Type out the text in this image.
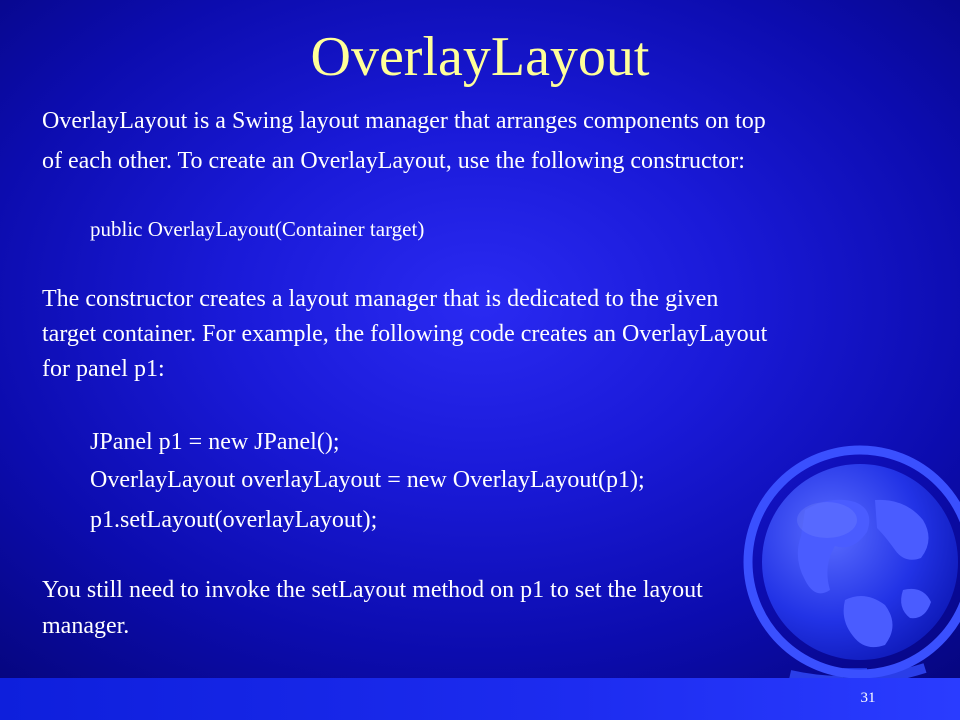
OverlayLayout
OverlayLayout is a Swing layout manager that arranges components on top
of each other. To create an OverlayLayout, use the following constructor:
public OverlayLayout(Container target)
The constructor creates a layout manager that is dedicated to the given
target container. For example, the following code creates an OverlayLayout
for panel p1:
JPanel p1 = new JPanel();
OverlayLayout overlayLayout = new OverlayLayout(p1);
p1.setLayout(overlayLayout);
You still need to invoke the setLayout method on p1 to set the layout
manager.
31
